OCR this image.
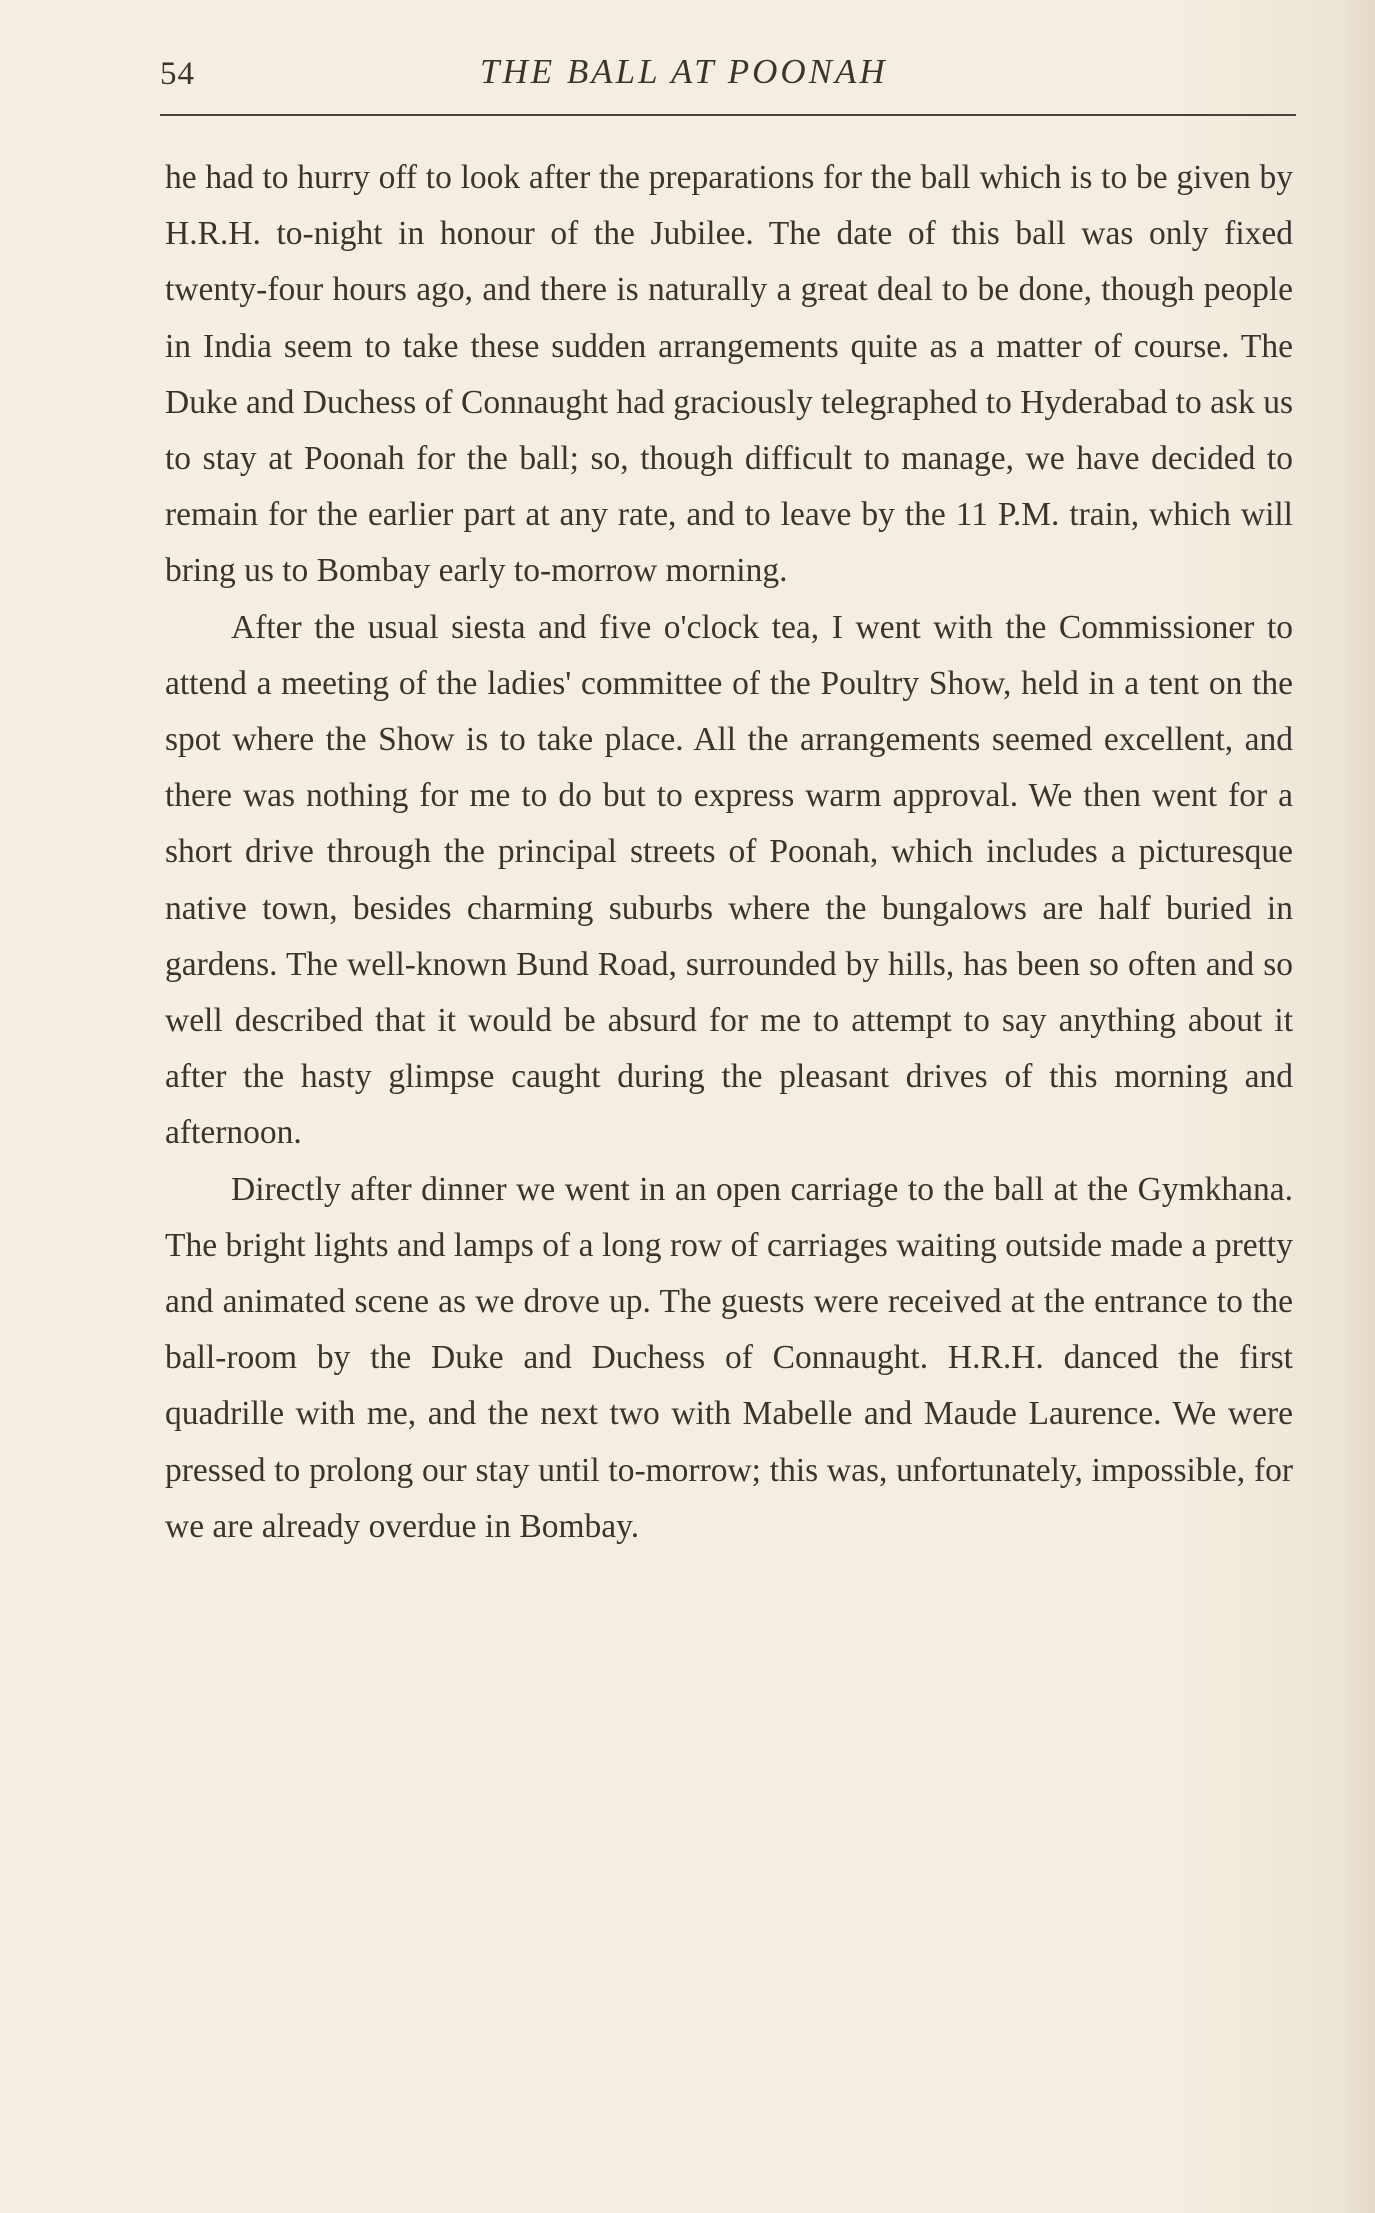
54	THE BALL AT POONAH

he had to hurry off to look after the preparations for the ball which is to be given by H.R.H. to-night in honour of the Jubilee. The date of this ball was only fixed twenty-four hours ago, and there is naturally a great deal to be done, though people in India seem to take these sudden arrangements quite as a matter of course. The Duke and Duchess of Connaught had graciously telegraphed to Hyderabad to ask us to stay at Poonah for the ball; so, though difficult to manage, we have decided to remain for the earlier part at any rate, and to leave by the 11 P.M. train, which will bring us to Bombay early to-morrow morning.

After the usual siesta and five o'clock tea, I went with the Commissioner to attend a meeting of the ladies' committee of the Poultry Show, held in a tent on the spot where the Show is to take place. All the arrangements seemed excellent, and there was nothing for me to do but to express warm approval. We then went for a short drive through the principal streets of Poonah, which includes a picturesque native town, besides charming suburbs where the bungalows are half buried in gardens. The well-known Bund Road, surrounded by hills, has been so often and so well described that it would be absurd for me to attempt to say anything about it after the hasty glimpse caught during the pleasant drives of this morning and afternoon.

Directly after dinner we went in an open carriage to the ball at the Gymkhana. The bright lights and lamps of a long row of carriages waiting outside made a pretty and animated scene as we drove up. The guests were received at the entrance to the ball-room by the Duke and Duchess of Connaught. H.R.H. danced the first quadrille with me, and the next two with Mabelle and Maude Laurence. We were pressed to prolong our stay until to-morrow; this was, unfortunately, impossible, for we are already overdue in Bombay.
